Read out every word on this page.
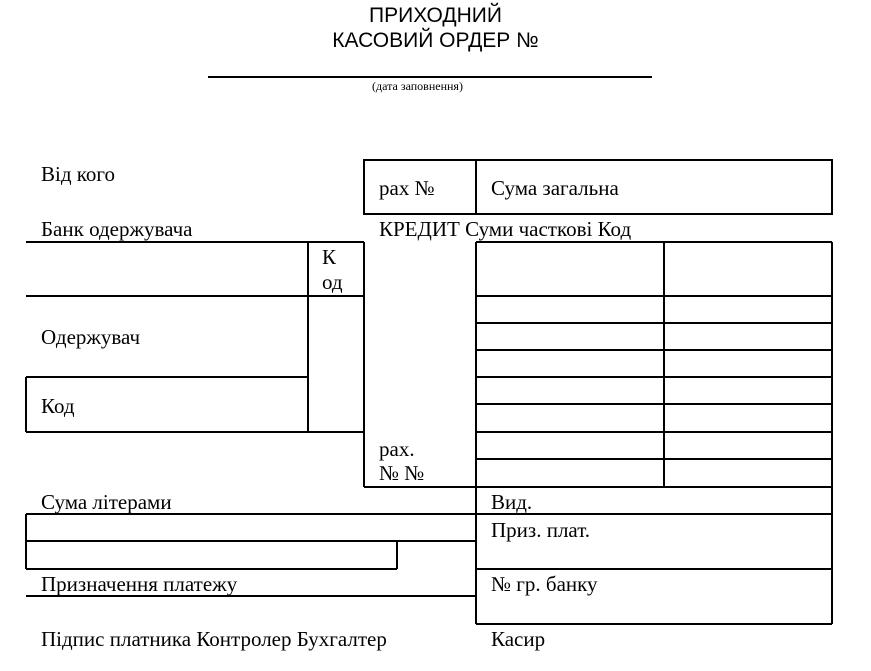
ПРИХОДНИЙ
КАСОВИЙ ОРДЕР №
(дата заповнення)
Від кого
рах №	Сума загальна
Банк одержувача	КРЕДИТ Суми часткові Код
К
од
Одержувач
Код
рах.
№ №
Сума літерами	Вид.
Приз. плат.
Призначення платежу	№ гр. банку
Підпис платника Контролер Бухгалтер	Касир
